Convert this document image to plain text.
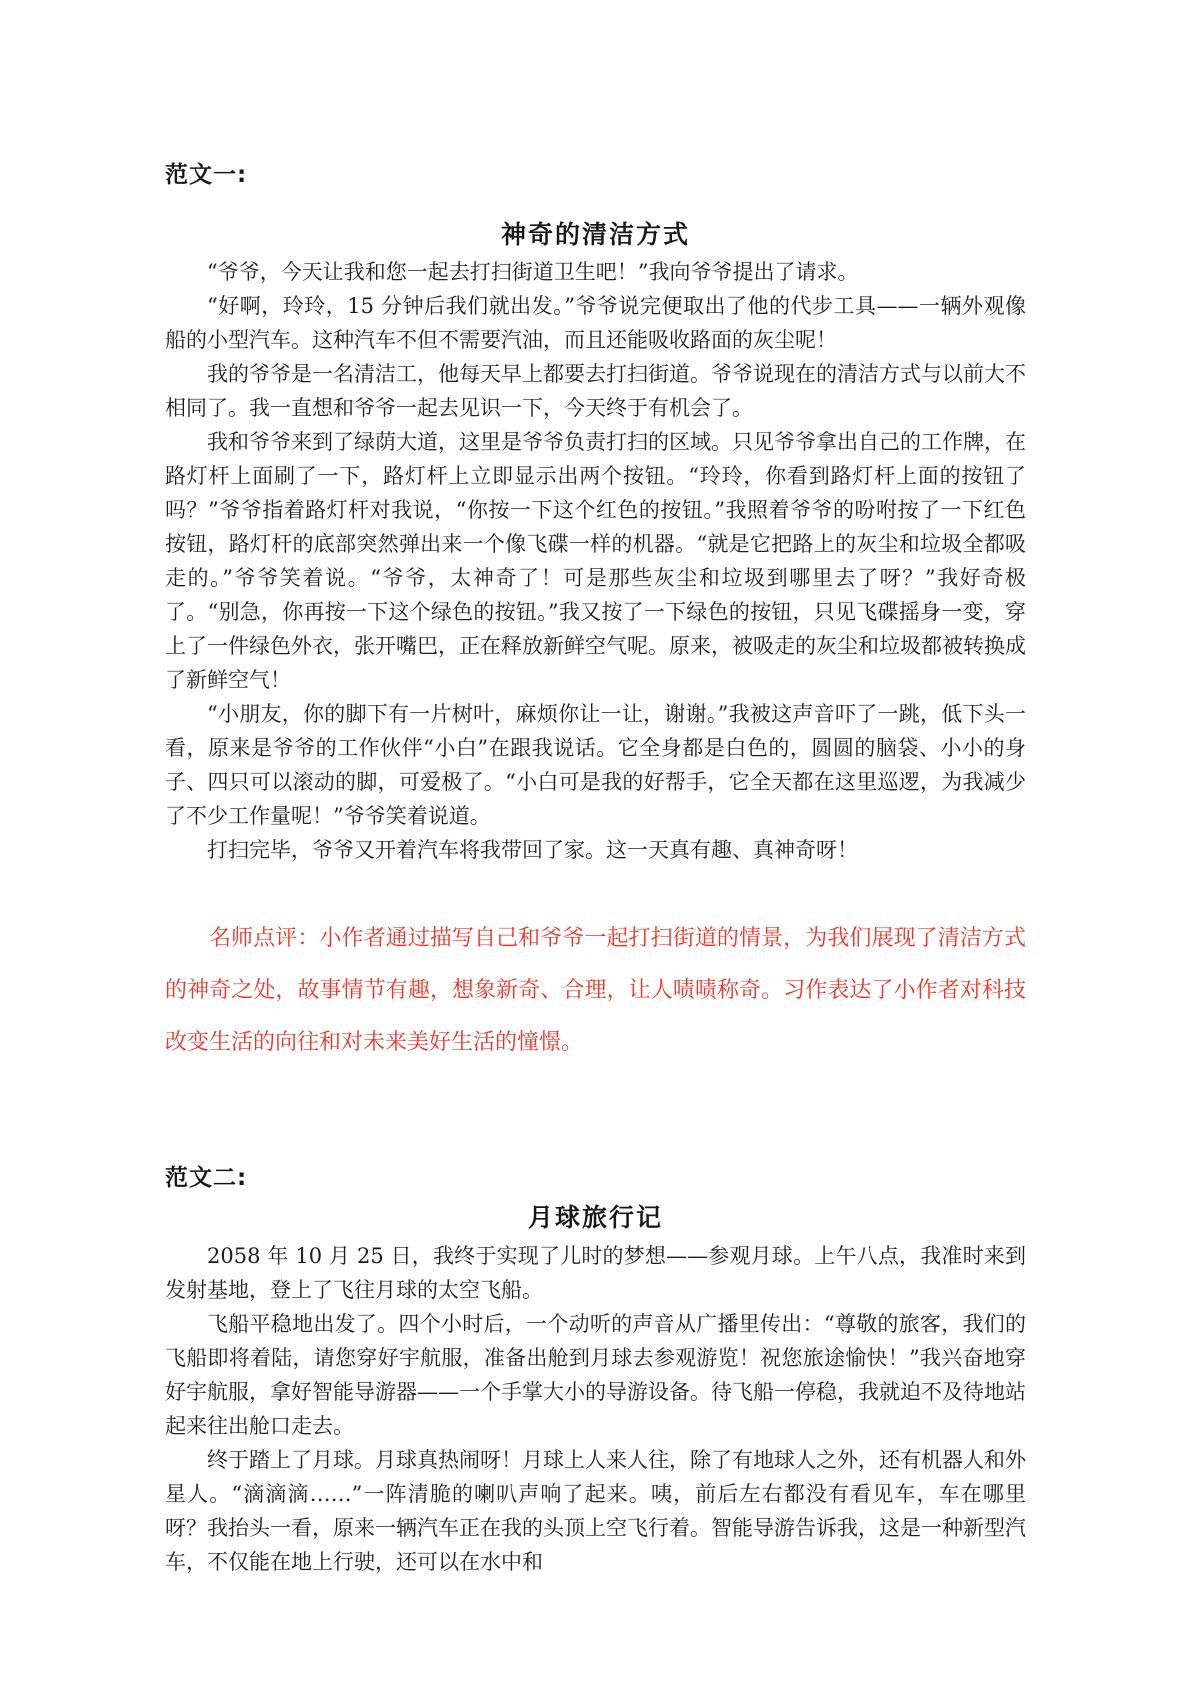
范文一:

神奇的清洁方式

“爷爷，今天让我和您一起去打扫街道卫生吧！”我向爷爷提出了请求。

“好啊，玲玲，15 分钟后我们就出发。”爷爷说完便取出了他的代步工具——一辆外观像船的小型汽车。这种汽车不但不需要汽油，而且还能吸收路面的灰尘呢！

我的爷爷是一名清洁工，他每天早上都要去打扫街道。爷爷说现在的清洁方式与以前大不相同了。我一直想和爷爷一起去见识一下，今天终于有机会了。

我和爷爷来到了绿荫大道，这里是爷爷负责打扫的区域。只见爷爷拿出自己的工作牌，在路灯杆上面刷了一下，路灯杆上立即显示出两个按钮。“玲玲，你看到路灯杆上面的按钮了吗？”爷爷指着路灯杆对我说，“你按一下这个红色的按钮。”我照着爷爷的吩咐按了一下红色按钮，路灯杆的底部突然弹出来一个像飞碟一样的机器。“就是它把路上的灰尘和垃圾全都吸走的。”爷爷笑着说。“爷爷，太神奇了！可是那些灰尘和垃圾到哪里去了呀？”我好奇极了。“别急，你再按一下这个绿色的按钮。”我又按了一下绿色的按钮，只见飞碟摇身一变，穿上了一件绿色外衣，张开嘴巴，正在释放新鲜空气呢。原来，被吸走的灰尘和垃圾都被转换成了新鲜空气！

“小朋友，你的脚下有一片树叶，麻烦你让一让，谢谢。”我被这声音吓了一跳，低下头一看，原来是爷爷的工作伙伴“小白”在跟我说话。它全身都是白色的，圆圆的脑袋、小小的身子、四只可以滚动的脚，可爱极了。“小白可是我的好帮手，它全天都在这里巡逻，为我减少了不少工作量呢！”爷爷笑着说道。

打扫完毕，爷爷又开着汽车将我带回了家。这一天真有趣、真神奇呀！

名师点评：小作者通过描写自己和爷爷一起打扫街道的情景，为我们展现了清洁方式的神奇之处，故事情节有趣，想象新奇、合理，让人啧啧称奇。习作表达了小作者对科技改变生活的向往和对未来美好生活的憧憬。

范文二:

月球旅行记

2058 年 10 月 25 日，我终于实现了儿时的梦想——参观月球。上午八点，我准时来到发射基地，登上了飞往月球的太空飞船。

飞船平稳地出发了。四个小时后，一个动听的声音从广播里传出：“尊敬的旅客，我们的飞船即将着陆，请您穿好宇航服，准备出舱到月球去参观游览！祝您旅途愉快！”我兴奋地穿好宇航服，拿好智能导游器——一个手掌大小的导游设备。待飞船一停稳，我就迫不及待地站起来往出舱口走去。

终于踏上了月球。月球真热闹呀！月球上人来人往，除了有地球人之外，还有机器人和外星人。“滴滴滴……”一阵清脆的喇叭声响了起来。咦，前后左右都没有看见车，车在哪里呀？我抬头一看，原来一辆汽车正在我的头顶上空飞行着。智能导游告诉我，这是一种新型汽车，不仅能在地上行驶，还可以在水中和
